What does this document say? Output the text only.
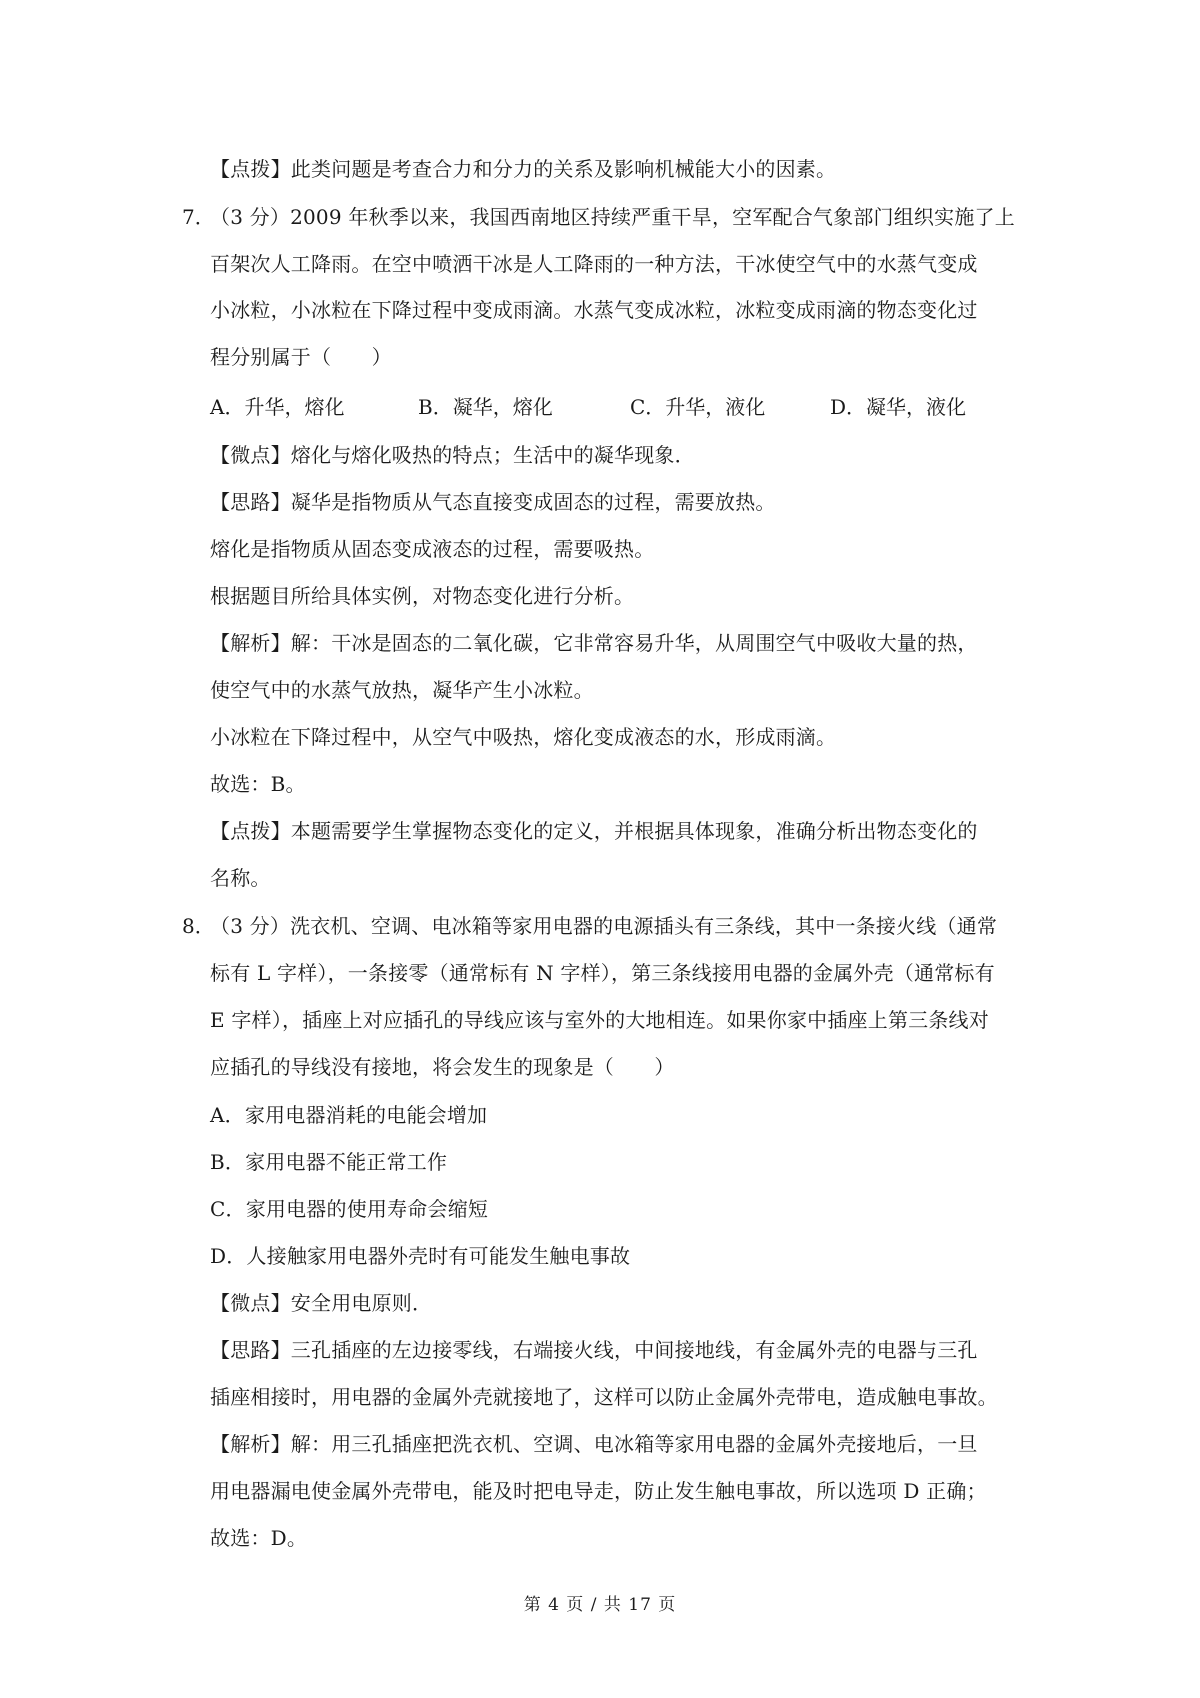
【点拨】此类问题是考查合力和分力的关系及影响机械能大小的因素。
7．
（3 分）2009 年秋季以来，我国西南地区持续严重干旱，空军配合气象部门组织实施了上
百架次人工降雨。在空中喷洒干冰是人工降雨的一种方法，干冰使空气中的水蒸气变成
小冰粒，小冰粒在下降过程中变成雨滴。水蒸气变成冰粒，冰粒变成雨滴的物态变化过
程分别属于（　　）
A．升华，熔化	B．凝华，熔化	C．升华，液化	D．凝华，液化
【微点】熔化与熔化吸热的特点；生活中的凝华现象．
【思路】凝华是指物质从气态直接变成固态的过程，需要放热。
熔化是指物质从固态变成液态的过程，需要吸热。
根据题目所给具体实例，对物态变化进行分析。
【解析】解：干冰是固态的二氧化碳，它非常容易升华，从周围空气中吸收大量的热，
使空气中的水蒸气放热，凝华产生小冰粒。
小冰粒在下降过程中，从空气中吸热，熔化变成液态的水，形成雨滴。
故选：B。
【点拨】本题需要学生掌握物态变化的定义，并根据具体现象，准确分析出物态变化的
名称。
8．
（3 分）洗衣机、空调、电冰箱等家用电器的电源插头有三条线，其中一条接火线（通常
标有 L 字样），一条接零（通常标有 N 字样），第三条线接用电器的金属外壳（通常标有
E 字样），插座上对应插孔的导线应该与室外的大地相连。如果你家中插座上第三条线对
应插孔的导线没有接地，将会发生的现象是（　　）
A．家用电器消耗的电能会增加
B．家用电器不能正常工作
C．家用电器的使用寿命会缩短
D．人接触家用电器外壳时有可能发生触电事故
【微点】安全用电原则．
【思路】三孔插座的左边接零线，右端接火线，中间接地线，有金属外壳的电器与三孔
插座相接时，用电器的金属外壳就接地了，这样可以防止金属外壳带电，造成触电事故。
【解析】解：用三孔插座把洗衣机、空调、电冰箱等家用电器的金属外壳接地后，一旦
用电器漏电使金属外壳带电，能及时把电导走，防止发生触电事故，所以选项 D 正确；
故选：D。
第 4 页 / 共 17 页
